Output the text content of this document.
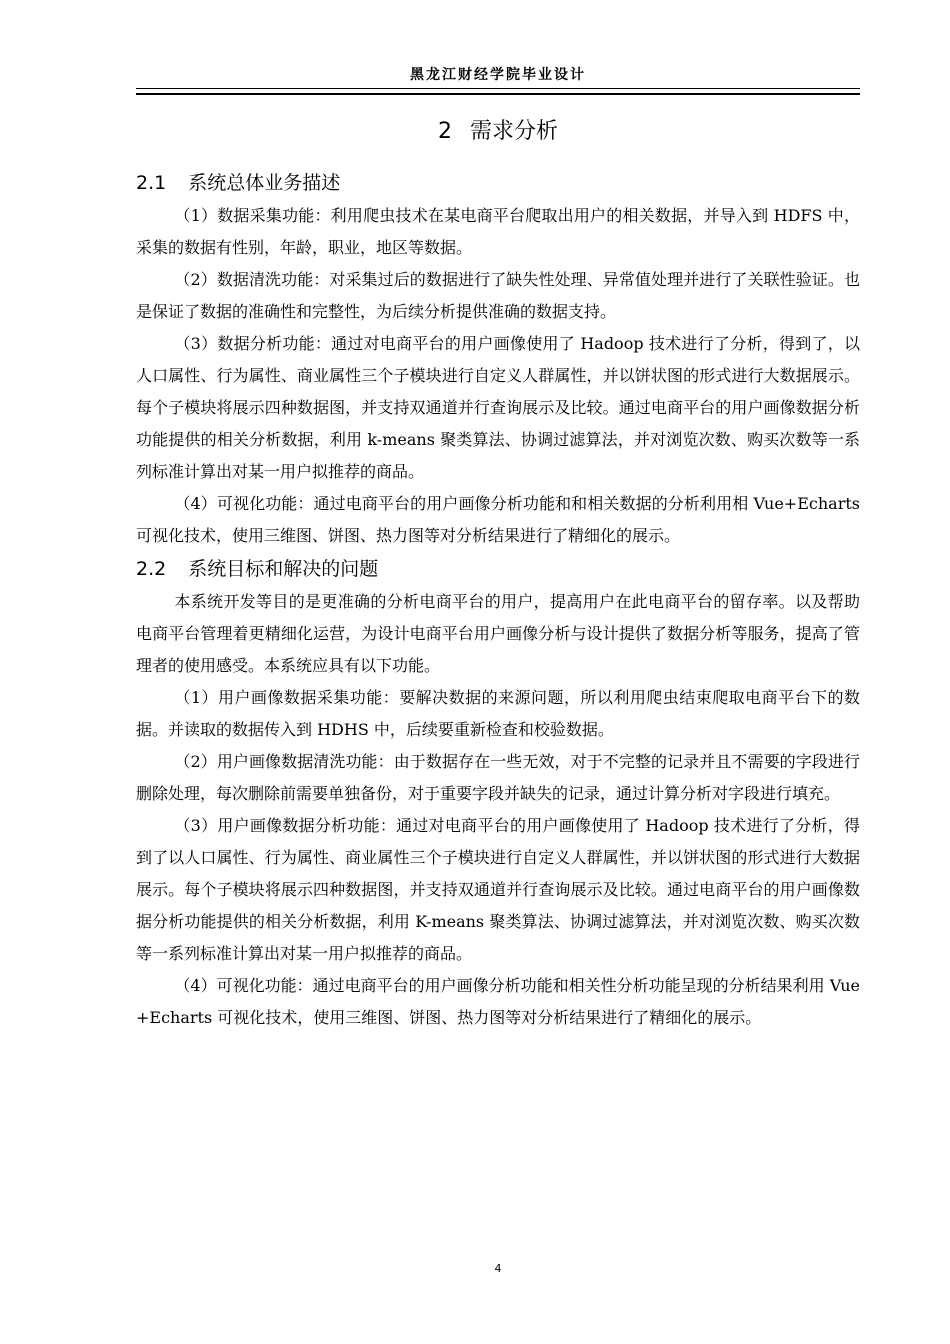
黑龙江财经学院毕业设计
2 需求分析
2.1 系统总体业务描述

（1）数据采集功能：利用爬虫技术在某电商平台爬取出用户的相关数据，并导入到 HDFS 中，采集的数据有性别，年龄，职业，地区等数据。

（2）数据清洗功能：对采集过后的数据进行了缺失性处理、异常值处理并进行了关联性验证。也是保证了数据的准确性和完整性，为后续分析提供准确的数据支持。

（3）数据分析功能：通过对电商平台的用户画像使用了 Hadoop 技术进行了分析，得到了，以人口属性、行为属性、商业属性三个子模块进行自定义人群属性，并以饼状图的形式进行大数据展示。每个子模块将展示四种数据图，并支持双通道并行查询展示及比较。通过电商平台的用户画像数据分析功能提供的相关分析数据，利用 k-means 聚类算法、协调过滤算法，并对浏览次数、购买次数等一系列标准计算出对某一用户拟推荐的商品。

（4）可视化功能：通过电商平台的用户画像分析功能和和相关数据的分析利用相 Vue+Echarts 可视化技术，使用三维图、饼图、热力图等对分析结果进行了精细化的展示。

2.2 系统目标和解决的问题

本系统开发等目的是更准确的分析电商平台的用户，提高用户在此电商平台的留存率。以及帮助电商平台管理着更精细化运营，为设计电商平台用户画像分析与设计提供了数据分析等服务，提高了管理者的使用感受。本系统应具有以下功能。

（1）用户画像数据采集功能：要解决数据的来源问题，所以利用爬虫结束爬取电商平台下的数据。并读取的数据传入到 HDHS 中，后续要重新检查和校验数据。

（2）用户画像数据清洗功能：由于数据存在一些无效，对于不完整的记录并且不需要的字段进行删除处理，每次删除前需要单独备份，对于重要字段并缺失的记录，通过计算分析对字段进行填充。

（3）用户画像数据分析功能：通过对电商平台的用户画像使用了 Hadoop 技术进行了分析，得到了以人口属性、行为属性、商业属性三个子模块进行自定义人群属性，并以饼状图的形式进行大数据展示。每个子模块将展示四种数据图，并支持双通道并行查询展示及比较。通过电商平台的用户画像数据分析功能提供的相关分析数据，利用 K-means 聚类算法、协调过滤算法，并对浏览次数、购买次数等一系列标准计算出对某一用户拟推荐的商品。

（4）可视化功能：通过电商平台的用户画像分析功能和相关性分析功能呈现的分析结果利用 Vue+Echarts 可视化技术，使用三维图、饼图、热力图等对分析结果进行了精细化的展示。

4
